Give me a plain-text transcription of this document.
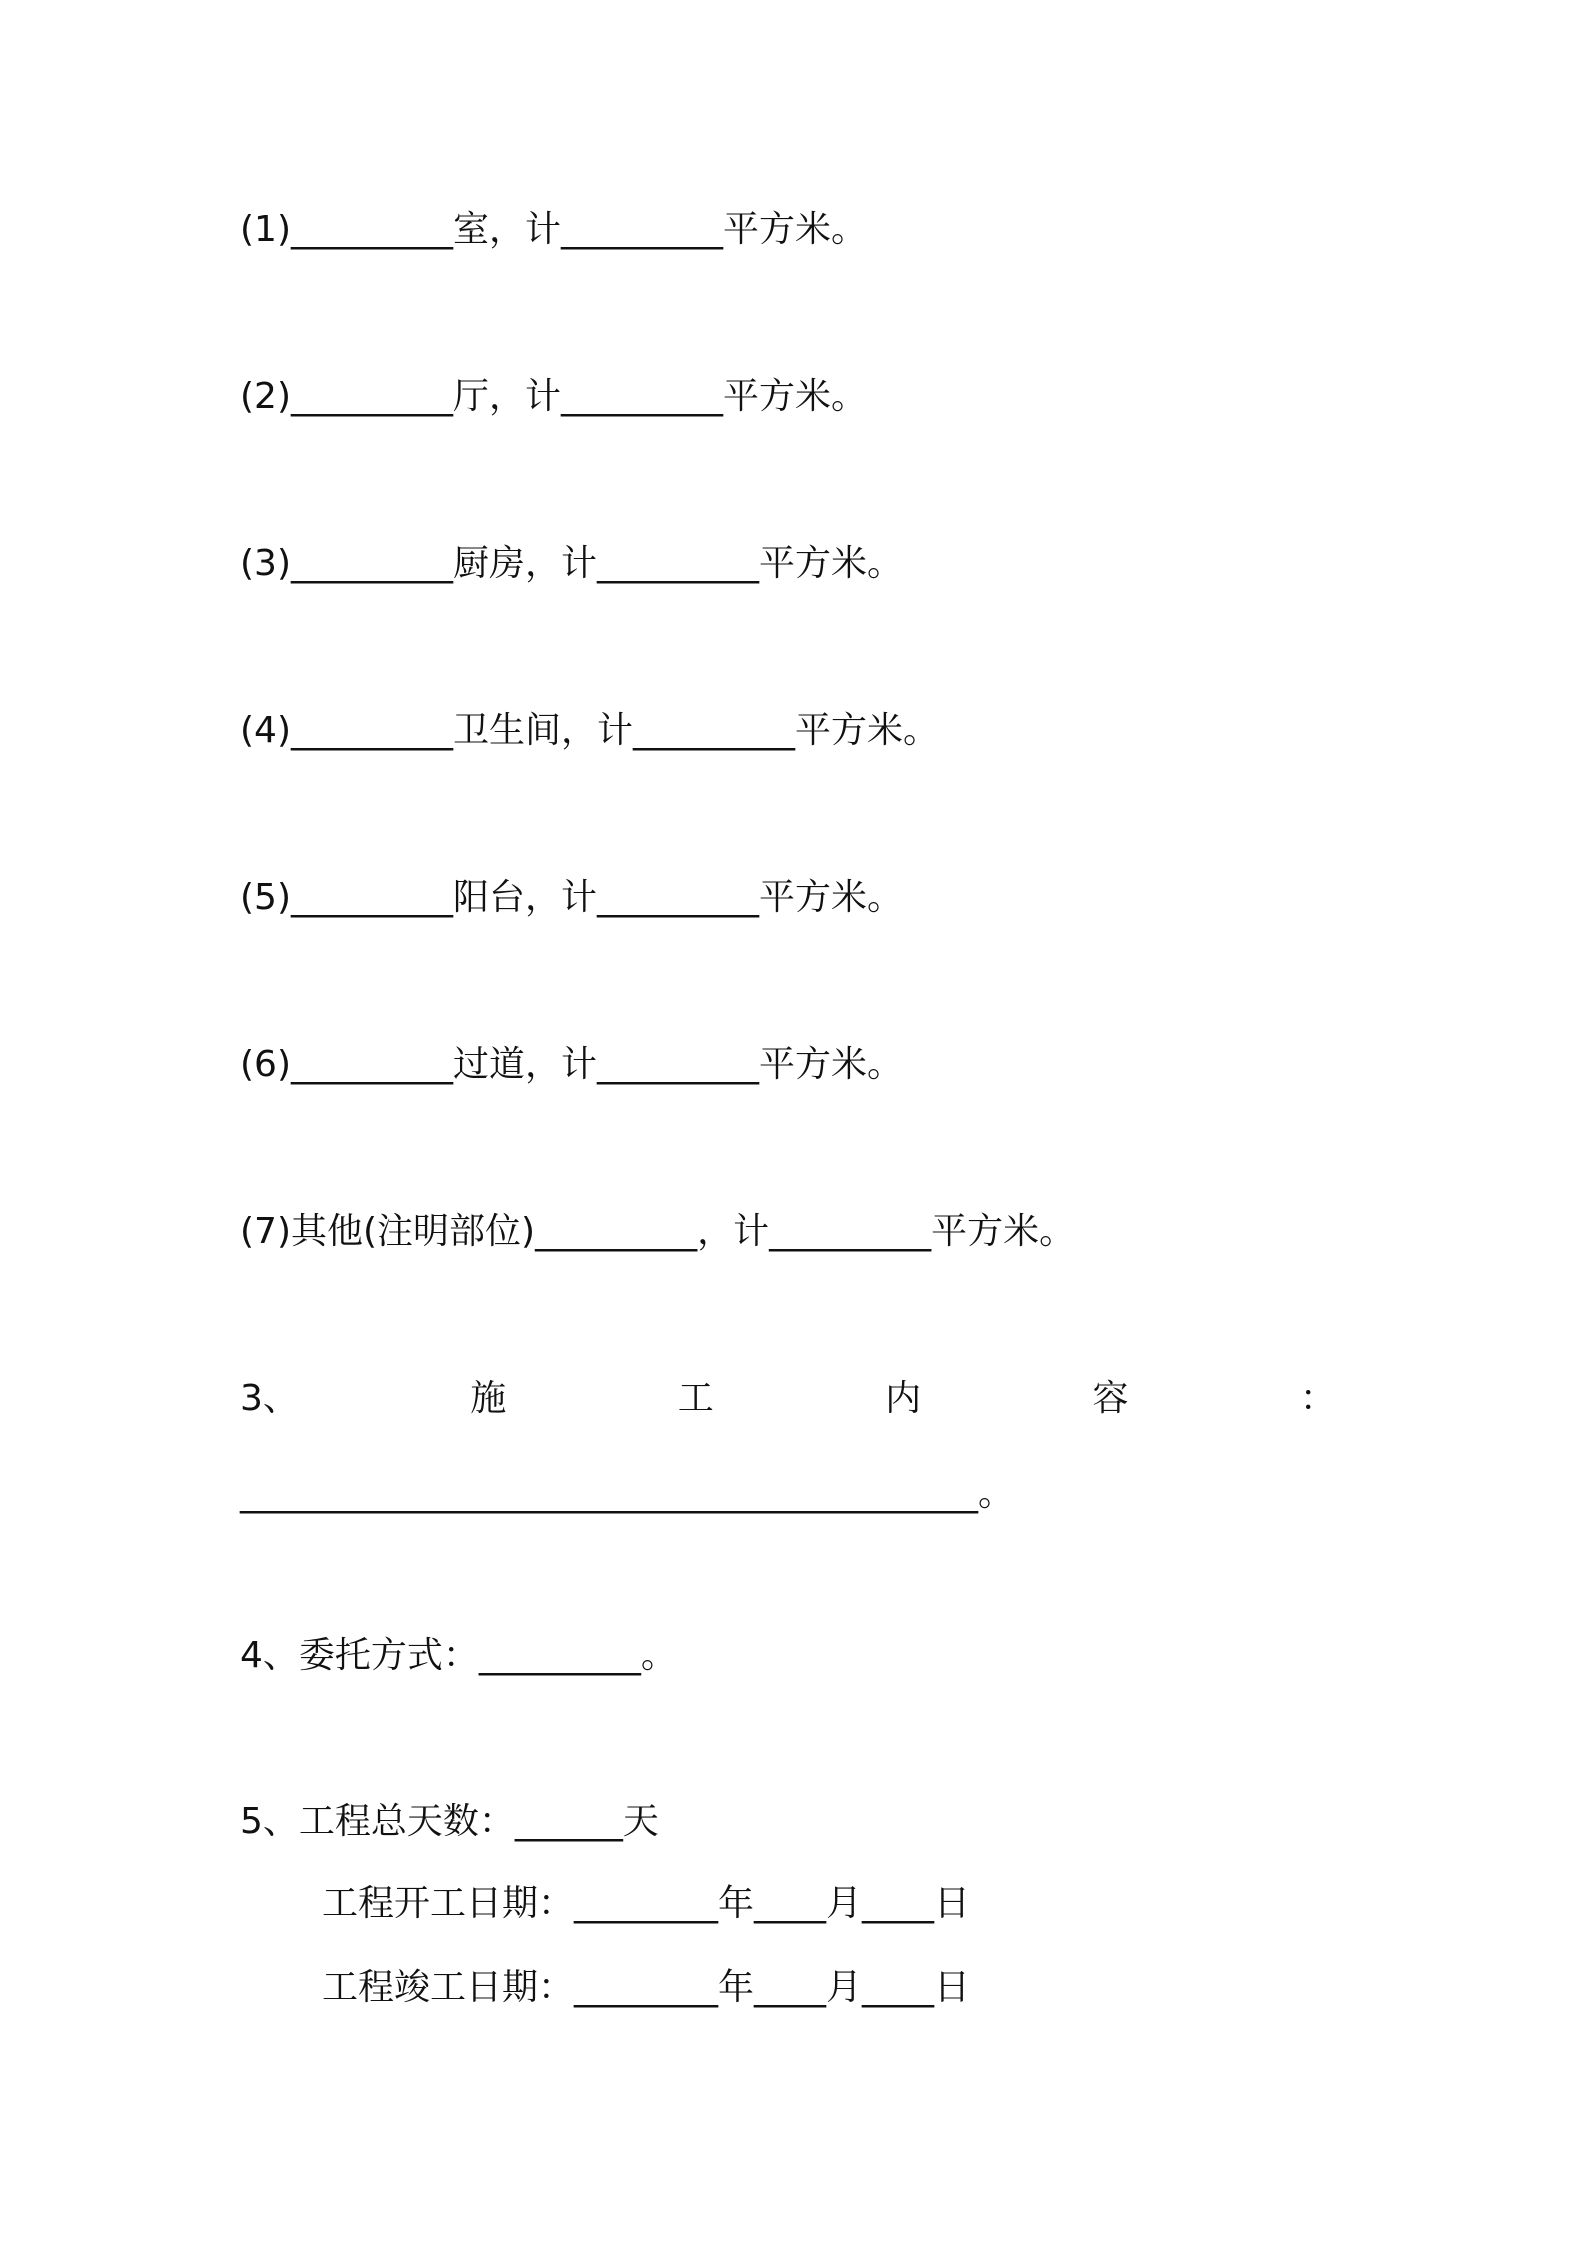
(1)_________室，计_________平方米。
(2)_________厅，计_________平方米。
(3)_________厨房，计_________平方米。
(4)_________卫生间，计_________平方米。
(5)_________阳台，计_________平方米。
(6)_________过道，计_________平方米。
(7)其他(注明部位)_________，计_________平方米。
3、	施	工	内	容	：
_________________________________________。
4、委托方式：_________。
5、工程总天数：______天
工程开工日期：________年____月____日
工程竣工日期：________年____月____日
